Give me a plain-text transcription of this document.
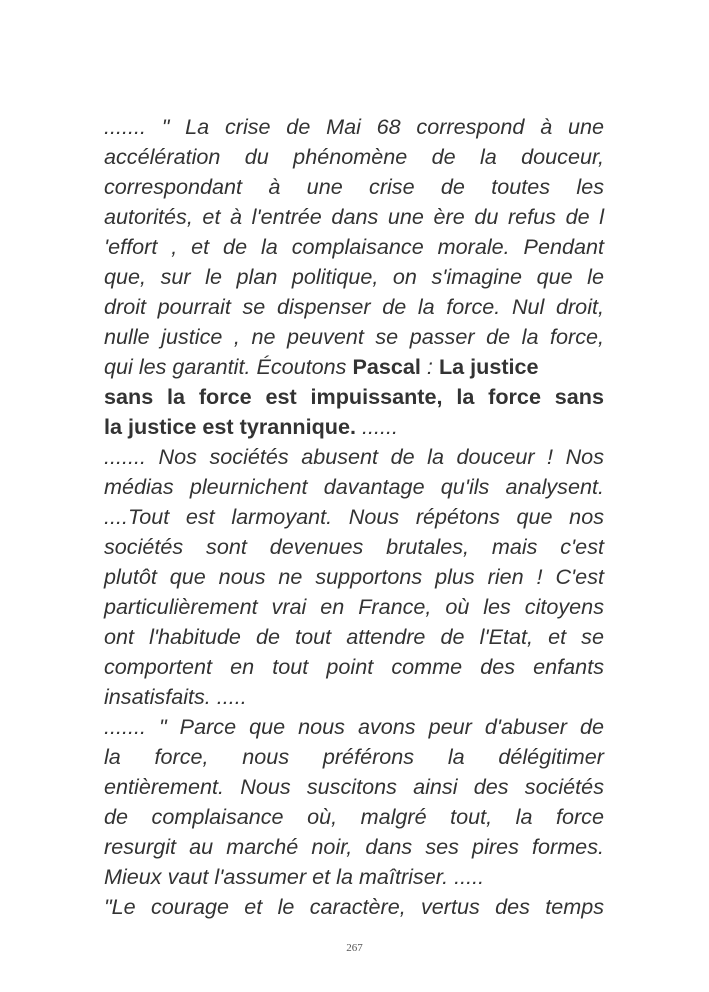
....... " La crise de Mai 68 correspond à une
accélération du phénomène de la douceur,
correspondant à une crise de toutes les
autorités, et à l'entrée dans une ère du refus de l
'effort , et de la complaisance morale. Pendant
que, sur le plan politique, on s'imagine que le
droit pourrait se dispenser de la force. Nul droit,
nulle justice , ne peuvent se passer de la force,
qui les garantit. Écoutons Pascal : La justice
sans la force est impuissante, la force sans
la justice est tyrannique. ......
....... Nos sociétés abusent de la douceur ! Nos
médias pleurnichent davantage qu'ils analysent.
....Tout est larmoyant. Nous répétons que nos
sociétés sont devenues brutales, mais c'est
plutôt que nous ne supportons plus rien ! C'est
particulièrement vrai en France, où les citoyens
ont l'habitude de tout attendre de l'Etat, et se
comportent en tout point comme des enfants
insatisfaits. .....
....... " Parce que nous avons peur d'abuser de
la force, nous préférons la délégitimer
entièrement. Nous suscitons ainsi des sociétés
de complaisance où, malgré tout, la force
resurgit au marché noir, dans ses pires formes.
Mieux vaut l'assumer et la maîtriser. .....
"Le courage et le caractère, vertus des temps
267
